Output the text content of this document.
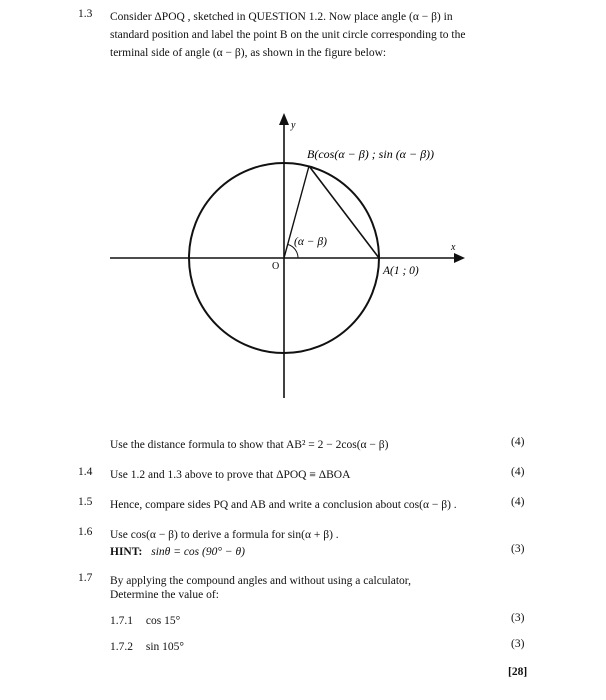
1.3 Consider ΔPOQ , sketched in QUESTION 1.2. Now place angle (α − β) in
standard position and label the point B on the unit circle corresponding to the
terminal side of angle (α − β), as shown in the figure below:
y
x
O
B(cos(α − β) ; sin (α − β))
A(1 ; 0)
(α − β)
Use the distance formula to show that AB² = 2 − 2cos(α − β)	(4)
1.4 Use 1.2 and 1.3 above to prove that ΔPOQ ≡ ΔBOA	(4)
1.5 Hence, compare sides PQ and AB and write a conclusion about cos(α − β) .	(4)
1.6 Use cos(α − β) to derive a formula for sin(α + β) .
HINT: sinθ = cos (90° − θ)	(3)
1.7 By applying the compound angles and without using a calculator,
Determine the value of:
1.7.1 cos 15°	(3)
1.7.2 sin 105°	(3)
[28]
